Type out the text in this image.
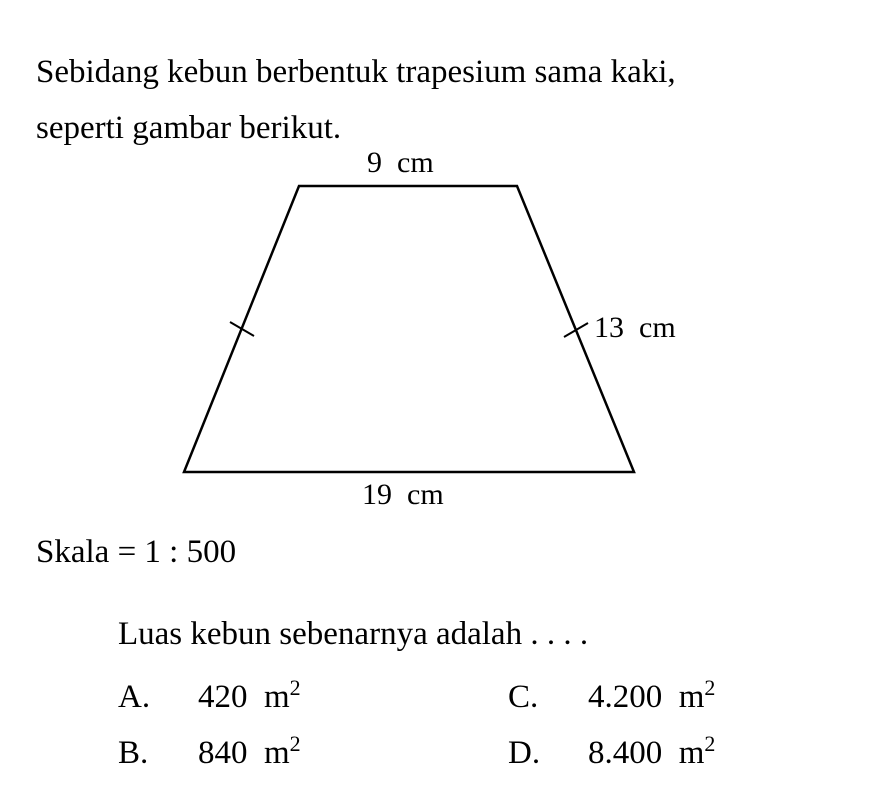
Sebidang kebun berbentuk trapesium sama kaki,
seperti gambar berikut.
9  cm
13  cm
19  cm
Skala = 1 : 500
Luas kebun sebenarnya adalah . . . .
A. 420  $m^2$
B. 840  $m^2$
C. 4.200  $m^2$
D. 8.400  $m^2$
